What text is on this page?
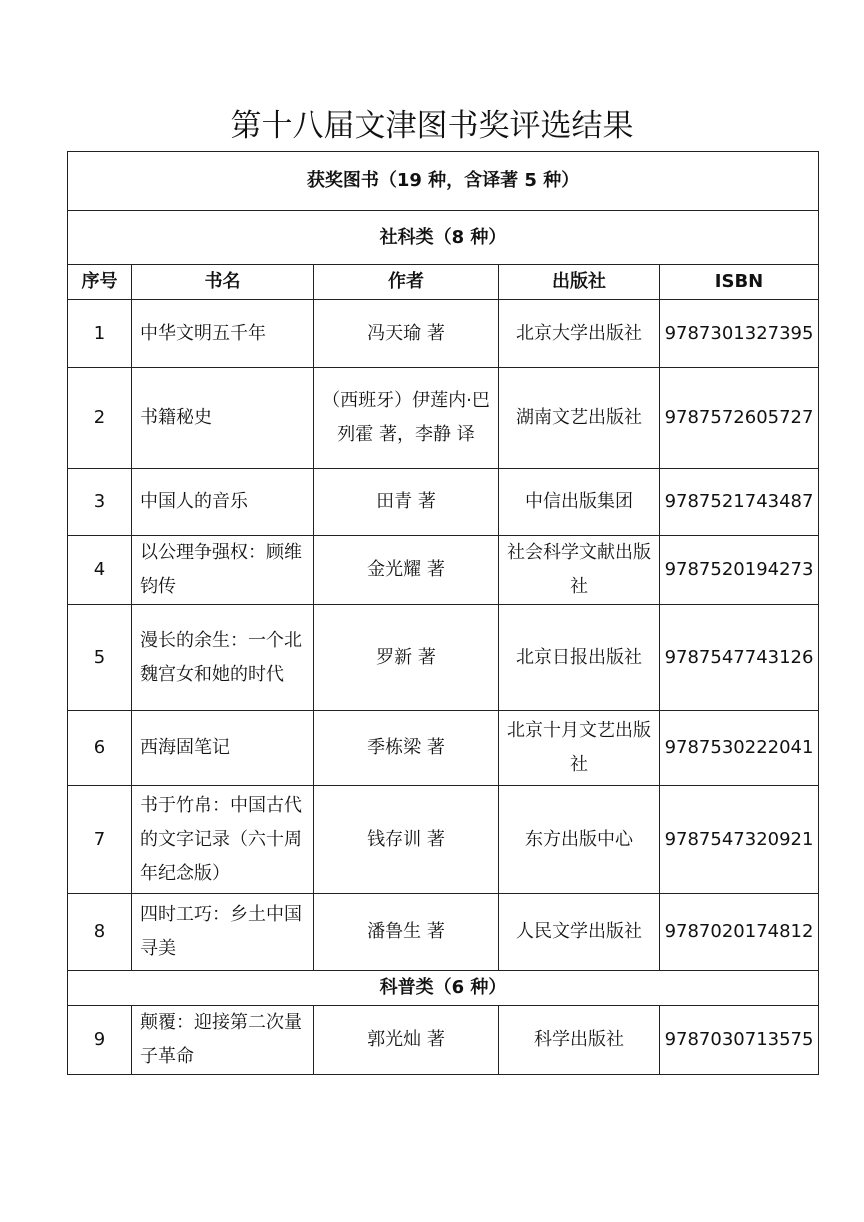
第十八届文津图书奖评选结果
获奖图书（19 种，含译著 5 种）				
社科类（8 种）				
序号	书名	作者	出版社	ISBN
1	中华文明五千年	冯天瑜 著	北京大学出版社	9787301327395
2	书籍秘史	（西班牙）伊莲内·巴列霍 著，李静 译	湖南文艺出版社	9787572605727
3	中国人的音乐	田青 著	中信出版集团	9787521743487
4	以公理争强权：顾维钧传	金光耀 著	社会科学文献出版社	9787520194273
5	漫长的余生：一个北魏宫女和她的时代	罗新 著	北京日报出版社	9787547743126
6	西海固笔记	季栋梁 著	北京十月文艺出版社	9787530222041
7	书于竹帛：中国古代的文字记录（六十周年纪念版）	钱存训 著	东方出版中心	9787547320921
8	四时工巧：乡土中国寻美	潘鲁生 著	人民文学出版社	9787020174812
科普类（6 种）				
9	颠覆：迎接第二次量子革命	郭光灿 著	科学出版社	9787030713575
